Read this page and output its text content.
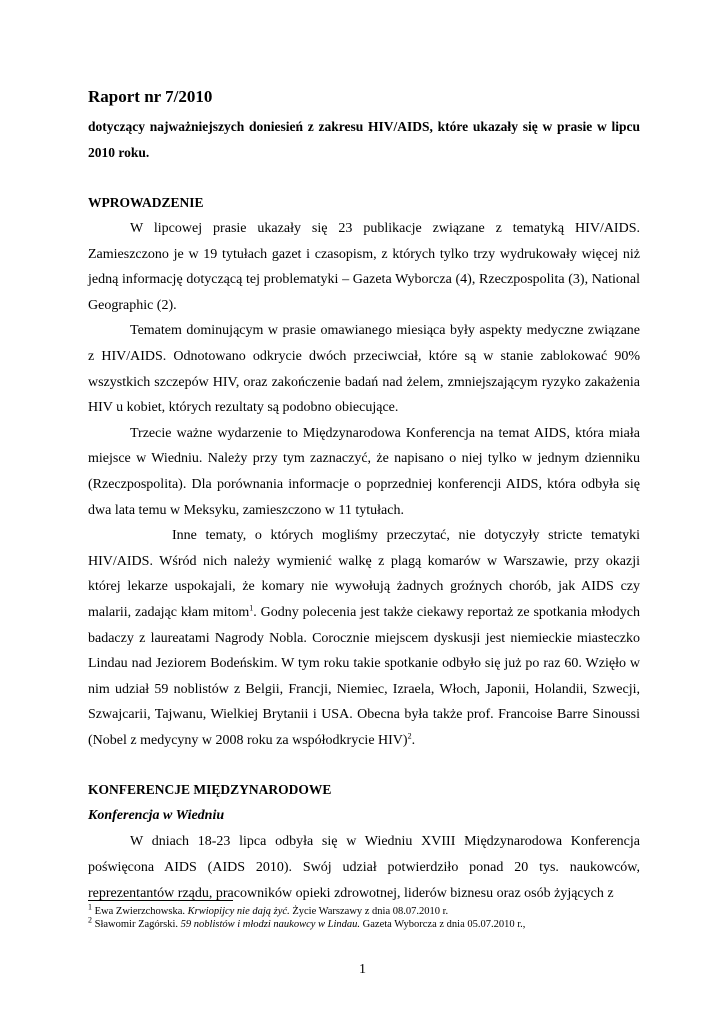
Raport nr 7/2010
dotyczący najważniejszych doniesień z zakresu HIV/AIDS, które ukazały się w prasie w lipcu 2010 roku.
WPROWADZENIE

W lipcowej prasie ukazały się 23 publikacje związane z tematyką HIV/AIDS. Zamieszczono je w 19 tytułach gazet i czasopism, z których tylko trzy wydrukowały więcej niż jedną informację dotyczącą tej problematyki – Gazeta Wyborcza (4), Rzeczpospolita (3), National Geographic (2).

Tematem dominującym w prasie omawianego miesiąca były aspekty medyczne związane z HIV/AIDS. Odnotowano odkrycie dwóch przeciwciał, które są w stanie zablokować 90% wszystkich szczepów HIV, oraz zakończenie badań nad żelem, zmniejszającym ryzyko zakażenia HIV u kobiet, których rezultaty są podobno obiecujące.

Trzecie ważne wydarzenie to Międzynarodowa Konferencja na temat AIDS, która miała miejsce w Wiedniu. Należy przy tym zaznaczyć, że napisano o niej tylko w jednym dzienniku (Rzeczpospolita). Dla porównania informacje o poprzedniej konferencji AIDS, która odbyła się dwa lata temu w Meksyku, zamieszczono w 11 tytułach.

Inne tematy, o których mogliśmy przeczytać, nie dotyczyły stricte tematyki HIV/AIDS. Wśród nich należy wymienić walkę z plagą komarów w Warszawie, przy okazji której lekarze uspokajali, że komary nie wywołują żadnych groźnych chorób, jak AIDS czy malarii, zadając kłam mitom$^1$. Godny polecenia jest także ciekawy reportaż ze spotkania młodych badaczy z laureatami Nagrody Nobla. Corocznie miejscem dyskusji jest niemieckie miasteczko Lindau nad Jeziorem Bodeńskim. W tym roku takie spotkanie odbyło się już po raz 60. Wzięło w nim udział 59 noblistów z Belgii, Francji, Niemiec, Izraela, Włoch, Japonii, Holandii, Szwecji, Szwajcarii, Tajwanu, Wielkiej Brytanii i USA. Obecna była także prof. Francoise Barre Sinoussi (Nobel z medycyny w 2008 roku za współodkrycie HIV)$^2$.

KONFERENCJE MIĘDZYNARODOWE
Konferencja w Wiedniu

W dniach 18-23 lipca odbyła się w Wiedniu XVIII Międzynarodowa Konferencja poświęcona AIDS (AIDS 2010). Swój udział potwierdziło ponad 20 tys. naukowców, reprezentantów rządu, pracowników opieki zdrowotnej, liderów biznesu oraz osób żyjących z

$^1$ Ewa Zwierzchowska. Krwiopijcy nie dają żyć. Życie Warszawy z dnia 08.07.2010 r.
$^2$ Sławomir Zagórski. 59 noblistów i młodzi naukowcy w Lindau. Gazeta Wyborcza z dnia 05.07.2010 r.,
1
